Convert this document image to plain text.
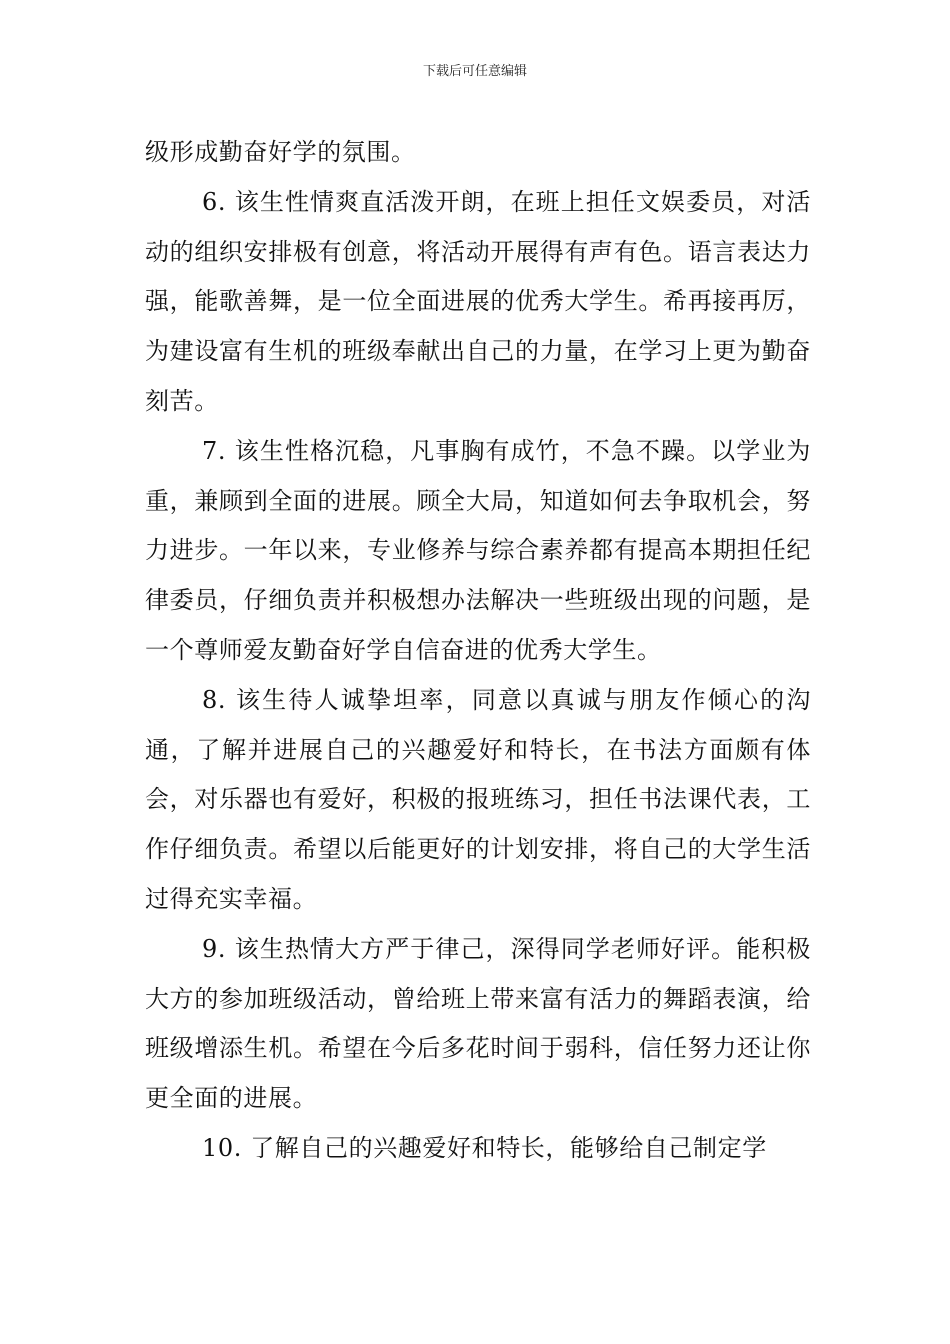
下载后可任意编辑

级形成勤奋好学的氛围。

6. 该生性情爽直活泼开朗，在班上担任文娱委员，对活动的组织安排极有创意，将活动开展得有声有色。语言表达力强，能歌善舞，是一位全面进展的优秀大学生。希再接再厉，为建设富有生机的班级奉献出自己的力量，在学习上更为勤奋刻苦。

7. 该生性格沉稳，凡事胸有成竹，不急不躁。以学业为重，兼顾到全面的进展。顾全大局，知道如何去争取机会，努力进步。一年以来，专业修养与综合素养都有提高本期担任纪律委员，仔细负责并积极想办法解决一些班级出现的问题，是一个尊师爱友勤奋好学自信奋进的优秀大学生。

8. 该生待人诚挚坦率，同意以真诚与朋友作倾心的沟通，了解并进展自己的兴趣爱好和特长，在书法方面颇有体会，对乐器也有爱好，积极的报班练习，担任书法课代表，工作仔细负责。希望以后能更好的计划安排，将自己的大学生活过得充实幸福。

9. 该生热情大方严于律己，深得同学老师好评。能积极大方的参加班级活动，曾给班上带来富有活力的舞蹈表演，给班级增添生机。希望在今后多花时间于弱科，信任努力还让你更全面的进展。

10. 了解自己的兴趣爱好和特长，能够给自己制定学
